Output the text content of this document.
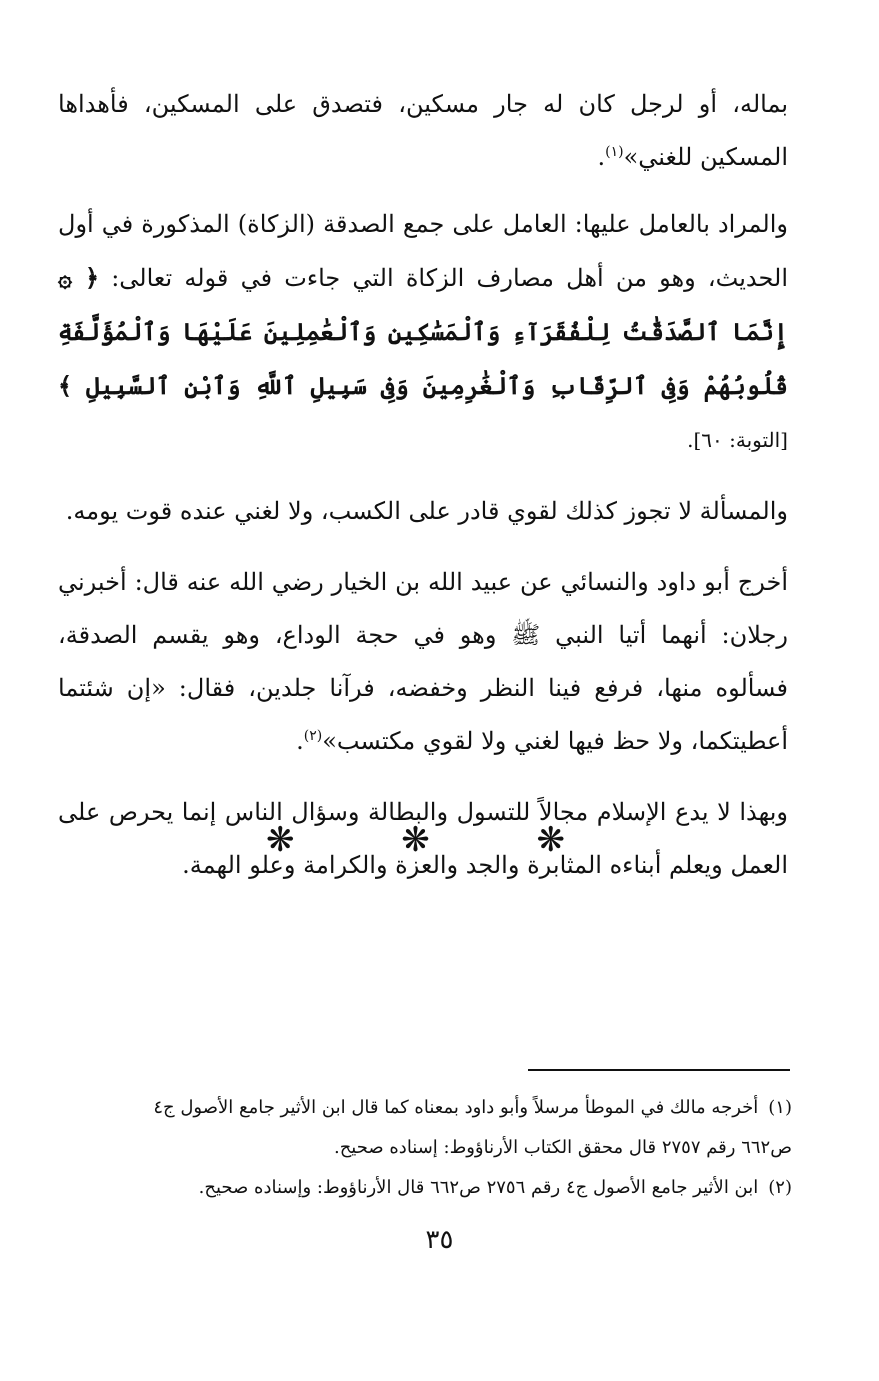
بماله، أو لرجل كان له جار مسكين، فتصدق على المسكين، فأهداها المسكين للغني»$^{(١)}$.

والمراد بالعامل عليها: العامل على جمع الصدقة (الزكاة) المذكورة في أول الحديث، وهو من أهل مصارف الزكاة التي جاءت في قوله تعالى: ﴿ ۞ إِنَّمَا ٱلصَّدَقَٰتُ لِلْفُقَرَآءِ وَٱلْمَسَٰكِينِ وَٱلْعَٰمِلِينَ عَلَيْهَا وَٱلْمُؤَلَّفَةِ قُلُوبُهُمْ وَفِى ٱلرِّقَابِ وَٱلْغَٰرِمِينَ وَفِى سَبِيلِ ٱللَّهِ وَٱبْنِ ٱلسَّبِيلِ ﴾ [التوبة: ٦٠].

والمسألة لا تجوز كذلك لقوي قادر على الكسب، ولا لغني عنده قوت يومه.

أخرج أبو داود والنسائي عن عبيد الله بن الخيار رضي الله عنه قال: أخبرني رجلان: أنهما أتيا النبي ﷺ وهو في حجة الوداع، وهو يقسم الصدقة، فسألوه منها، فرفع فينا النظر وخفضه، فرآنا جلدين، فقال: «إن شئتما أعطيتكما، ولا حظ فيها لغني ولا لقوي مكتسب»$^{(٢)}$.

وبهذا لا يدع الإسلام مجالاً للتسول والبطالة وسؤال الناس إنما يحرص على العمل ويعلم أبناءه المثابرة والجد والعزة والكرامة وعلو الهمة.

❋ ❋ ❋

(١)أخرجه مالك في الموطأ مرسلاً وأبو داود بمعناه كما قال ابن الأثير جامع الأصول ج٤

ص٦٦٢ رقم ٢٧٥٧ قال محقق الكتاب الأرناؤوط: إسناده صحيح.

(٢)ابن الأثير جامع الأصول ج٤ رقم ٢٧٥٦ ص٦٦٢ قال الأرناؤوط: وإسناده صحيح.

٣٥
